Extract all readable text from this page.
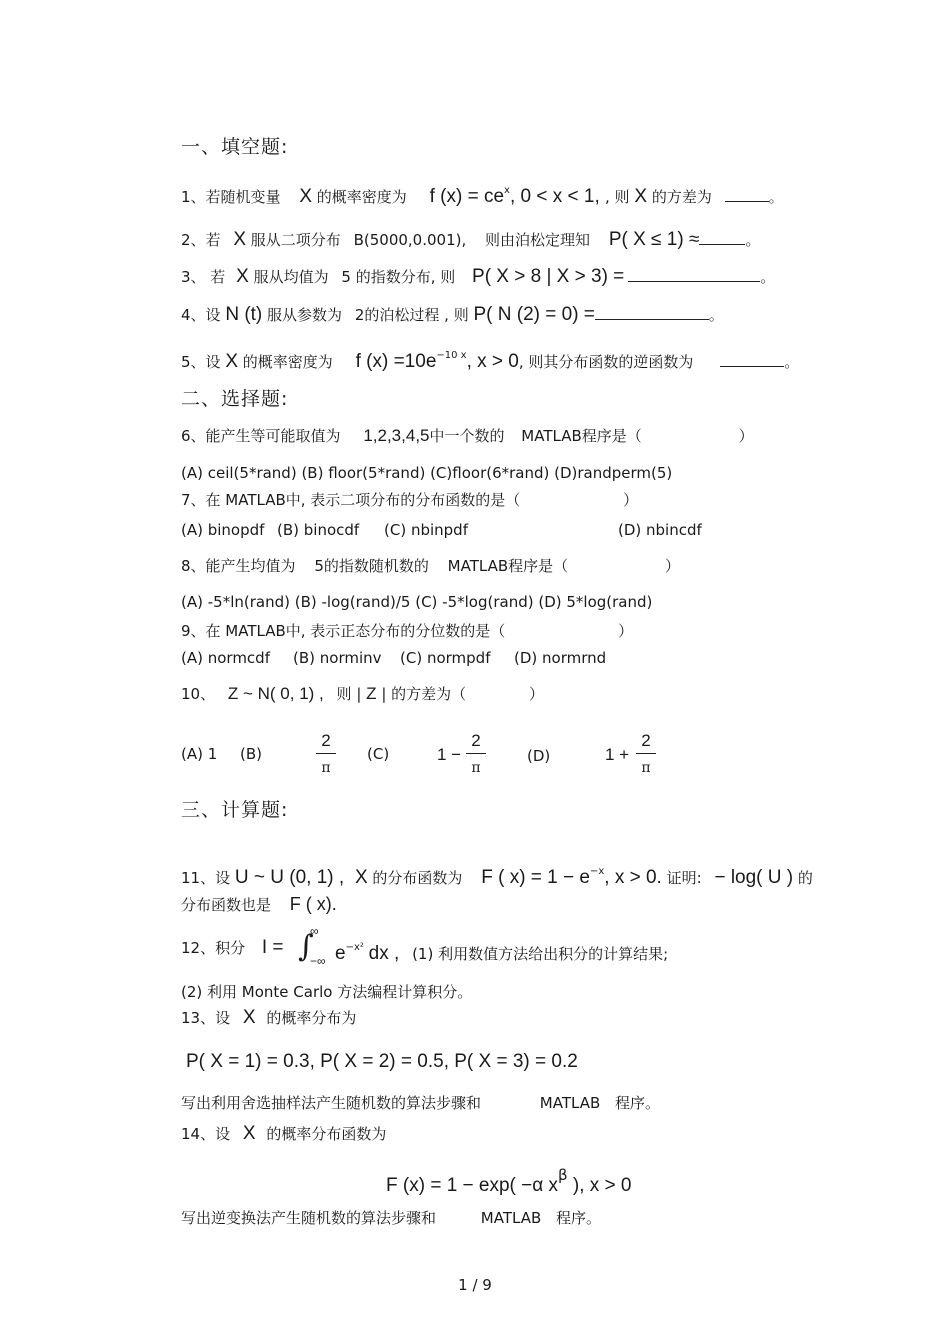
一、填空题:
1、若随机变量 X 的概率密度为 f $(x) = ce^x$, 0 < x < 1, , 则 X 的方差为	。
2、若 X 服从二项分布 B(5000,0.001), 则由泊松定理知 P( X ≤ 1) ≈	。
3、 若 X 服从均值为 5 的指数分布, 则 P( X > 8 | X > 3) =	。
4、设 N (t) 服从参数为 2的泊松过程 , 则 P( N (2) = 0) =	。
5、设 X 的概率密度为 f $(x) =10e^{-10 x}$, x > 0, 则其分布函数的逆函数为	。
二、选择题:
6、能产生等可能取值为 1,2,3,4,5中一个数的 MATLAB程序是（	）
(A) ceil(5*rand) (B) floor(5*rand) (C)floor(6*rand) (D)randperm(5)
7、在 MATLAB中, 表示二项分布的分布函数的是（	）
(A) binopdf (B) binocdf (C) nbinpdf	(D) nbincdf
8、能产生均值为 5的指数随机数的 MATLAB程序是（	）
(A) -5*ln(rand) (B) -log(rand)/5 (C) -5*log(rand) (D) 5*log(rand)
9、在 MATLAB中, 表示正态分布的分位数的是（	）
(A) normcdf (B) norminv (C) normpdf (D) normrnd
10、 Z ~ N( 0, 1) , 则 | Z | 的方差为（	）
(A) 1 (B)
2
π
(C)	1 −
2
π
(D)	1 +
2
π
三、计算题:
11、设 U ~ U (0, 1) , X 的分布函数为 F ( $x) = 1 - e^{-x}$, x > 0. 证明: − log( U ) 的
分布函数也是 F ( x).
12、积分 I = ∫
∞
−∞ $e^{-x^2}$ dx , (1) 利用数值方法给出积分的计算结果;
(2) 利用 Monte Carlo 方法编程计算积分。
13、设 X 的概率分布为
P( X = 1) = 0.3, P( X = 2) = 0.5, P( X = 3) = 0.2
写出利用舍选抽样法产生随机数的算法步骤和	MATLAB 程序。
14、设 X 的概率分布函数为
F (x) = 1 − exp( −α xβ ), x > 0
写出逆变换法产生随机数的算法步骤和	MATLAB 程序。
1 / 9
